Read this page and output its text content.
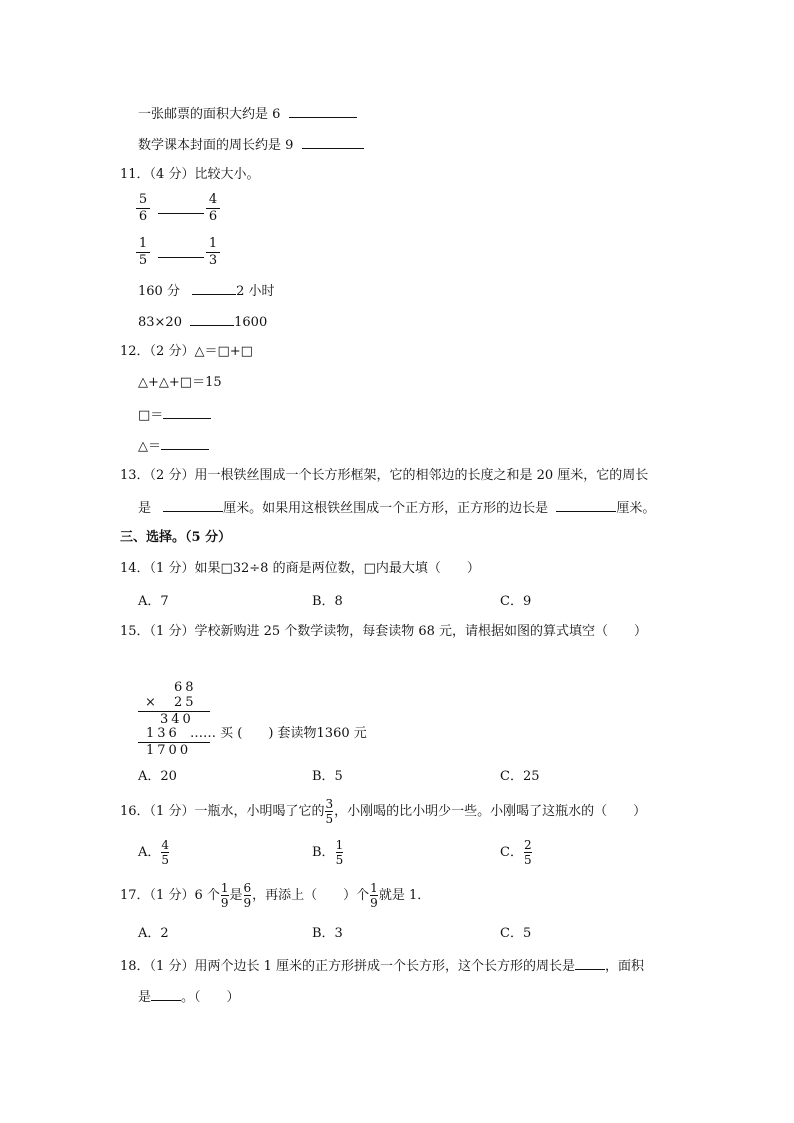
一张邮票的面积大约是 6
数学课本封面的周长约是 9
11．（4 分）比较大小。
5
6
4
6
1
5
1
3
160 分	2 小时
83×20	1600
12．（2 分）△＝□+□
△+△+□＝15
□＝
△＝
13．（2 分）用一根铁丝围成一个长方形框架，它的相邻边的长度之和是 20 厘米，它的周长
是	厘米。如果用这根铁丝围成一个正方形，正方形的边长是	厘米。
三、选择。（5 分）
14．（1 分）如果□32÷8 的商是两位数，□内最大填（　　）
A．7	B．8	C．9
15．（1 分）学校新购进 25 个数学读物，每套读物 68 元，请根据如图的算式填空（　　）
68
× 25
340
136
1700
…… 买 (　　) 套读物1360 元
A．20	B．5	C．25
16．（1 分）一瓶水，小明喝了它的 $\frac{3}{5}$ ，小刚喝的比小明少一些。小刚喝了这瓶水的（　　）
A． $\frac{4}{5}$	B． $\frac{1}{5}$	C． $\frac{2}{5}$
17．（1 分）6 个 $\frac{1}{9}$ 是 $\frac{6}{9}$ ，再添上（　　）个 $\frac{1}{9}$ 就是 1．
A．2	B．3	C．5
18．（1 分）用两个边长 1 厘米的正方形拼成一个长方形，这个长方形的周长是 ，面积
是 。（　　）
